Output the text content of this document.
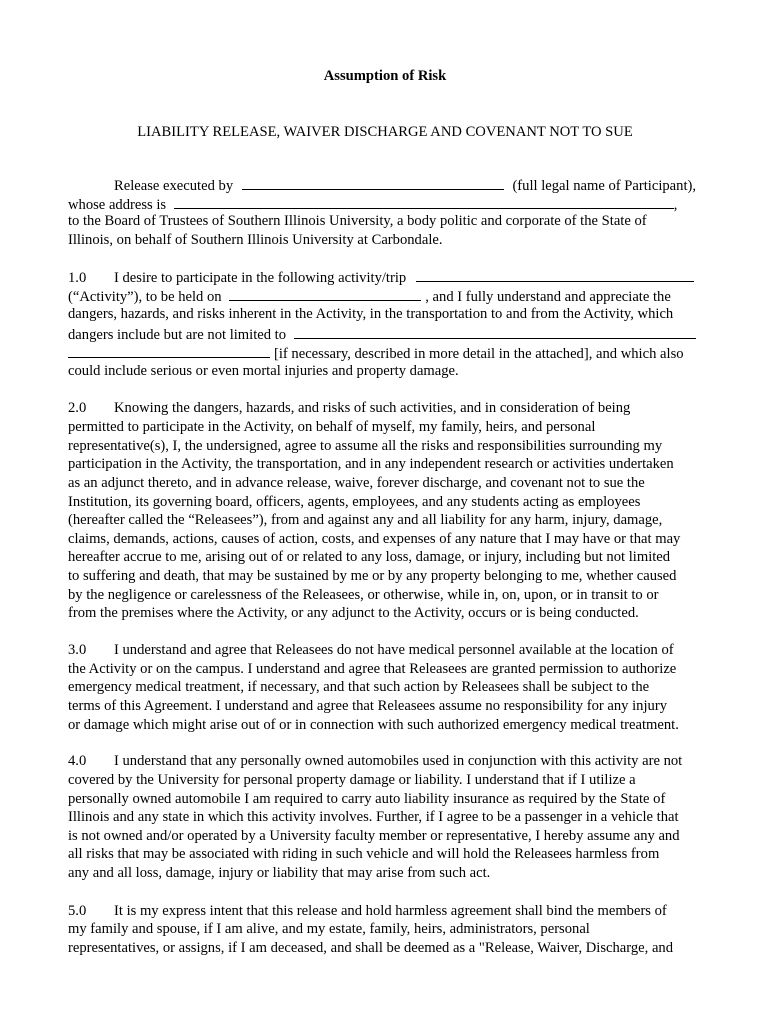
Assumption of Risk
LIABILITY RELEASE, WAIVER DISCHARGE AND COVENANT NOT TO SUE
Release executed by	(full legal name of Participant),
whose address is	,
to the Board of Trustees of Southern Illinois University, a body politic and corporate of the State of
Illinois, on behalf of Southern Illinois University at Carbondale.
1.0 I desire to participate in the following activity/trip
(“Activity”), to be held on	, and I fully understand and appreciate the
dangers, hazards, and risks inherent in the Activity, in the transportation to and from the Activity, which
dangers include but are not limited to
[if necessary, described in more detail in the attached], and which also
could include serious or even mortal injuries and property damage.
2.0 Knowing the dangers, hazards, and risks of such activities, and in consideration of being
permitted to participate in the Activity, on behalf of myself, my family, heirs, and personal
representative(s), I, the undersigned, agree to assume all the risks and responsibilities surrounding my
participation in the Activity, the transportation, and in any independent research or activities undertaken
as an adjunct thereto, and in advance release, waive, forever discharge, and covenant not to sue the
Institution, its governing board, officers, agents, employees, and any students acting as employees
(hereafter called the “Releasees”), from and against any and all liability for any harm, injury, damage,
claims, demands, actions, causes of action, costs, and expenses of any nature that I may have or that may
hereafter accrue to me, arising out of or related to any loss, damage, or injury, including but not limited
to suffering and death, that may be sustained by me or by any property belonging to me, whether caused
by the negligence or carelessness of the Releasees, or otherwise, while in, on, upon, or in transit to or
from the premises where the Activity, or any adjunct to the Activity, occurs or is being conducted.
3.0 I understand and agree that Releasees do not have medical personnel available at the location of
the Activity or on the campus. I understand and agree that Releasees are granted permission to authorize
emergency medical treatment, if necessary, and that such action by Releasees shall be subject to the
terms of this Agreement. I understand and agree that Releasees assume no responsibility for any injury
or damage which might arise out of or in connection with such authorized emergency medical treatment.
4.0 I understand that any personally owned automobiles used in conjunction with this activity are not
covered by the University for personal property damage or liability. I understand that if I utilize a
personally owned automobile I am required to carry auto liability insurance as required by the State of
Illinois and any state in which this activity involves. Further, if I agree to be a passenger in a vehicle that
is not owned and/or operated by a University faculty member or representative, I hereby assume any and
all risks that may be associated with riding in such vehicle and will hold the Releasees harmless from
any and all loss, damage, injury or liability that may arise from such act.
5.0 It is my express intent that this release and hold harmless agreement shall bind the members of
my family and spouse, if I am alive, and my estate, family, heirs, administrators, personal
representatives, or assigns, if I am deceased, and shall be deemed as a "Release, Waiver, Discharge, and
